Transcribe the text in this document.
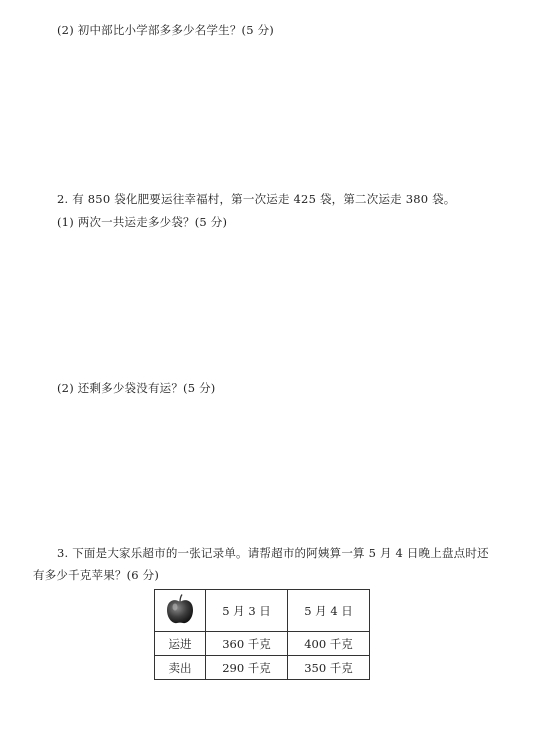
(2) 初中部比小学部多多少名学生？(5 分)
2. 有 850 袋化肥要运往幸福村，第一次运走 425 袋，第二次运走 380 袋。
(1) 两次一共运走多少袋？(5 分)
(2) 还剩多少袋没有运？(5 分)
3. 下面是大家乐超市的一张记录单。请帮超市的阿姨算一算 5 月 4 日晚上盘点时还
有多少千克苹果？(6 分)
	5 月 3 日	5 月 4 日
运进	360 千克	400 千克
卖出	290 千克	350 千克
